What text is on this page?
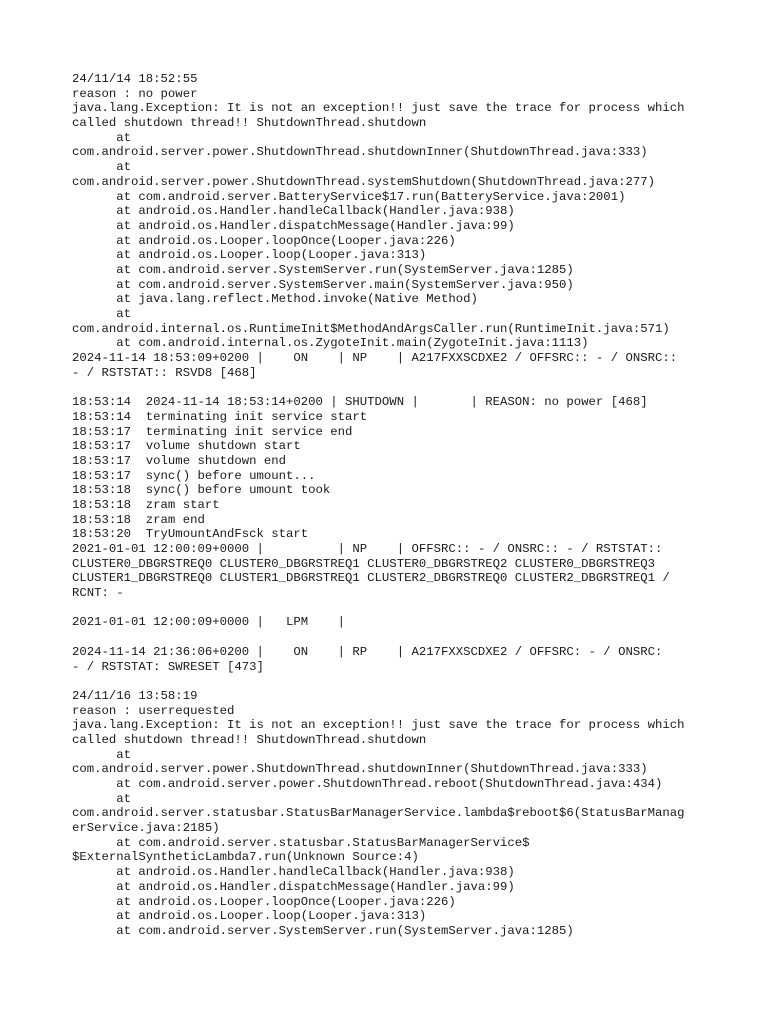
24/11/14 18:52:55
reason : no power
java.lang.Exception: It is not an exception!! just save the trace for process which
called shutdown thread!! ShutdownThread.shutdown
at
com.android.server.power.ShutdownThread.shutdownInner(ShutdownThread.java:333)
at
com.android.server.power.ShutdownThread.systemShutdown(ShutdownThread.java:277)
at com.android.server.BatteryService$17.run(BatteryService.java:2001)
at android.os.Handler.handleCallback(Handler.java:938)
at android.os.Handler.dispatchMessage(Handler.java:99)
at android.os.Looper.loopOnce(Looper.java:226)
at android.os.Looper.loop(Looper.java:313)
at com.android.server.SystemServer.run(SystemServer.java:1285)
at com.android.server.SystemServer.main(SystemServer.java:950)
at java.lang.reflect.Method.invoke(Native Method)
at
com.android.internal.os.RuntimeInit$MethodAndArgsCaller.run(RuntimeInit.java:571)
at com.android.internal.os.ZygoteInit.main(ZygoteInit.java:1113)
2024-11-14 18:53:09+0200 |    ON    | NP    | A217FXXSCDXE2 / OFFSRC:: - / ONSRC::
- / RSTSTAT:: RSVD8 [468]
18:53:14  2024-11-14 18:53:14+0200 | SHUTDOWN |       | REASON: no power [468]
18:53:14  terminating init service start
18:53:17  terminating init service end
18:53:17  volume shutdown start
18:53:17  volume shutdown end
18:53:17  sync() before umount...
18:53:18  sync() before umount took
18:53:18  zram start
18:53:18  zram end
18:53:20  TryUmountAndFsck start
2021-01-01 12:00:09+0000 |          | NP    | OFFSRC:: - / ONSRC:: - / RSTSTAT::
CLUSTER0_DBGRSTREQ0 CLUSTER0_DBGRSTREQ1 CLUSTER0_DBGRSTREQ2 CLUSTER0_DBGRSTREQ3
CLUSTER1_DBGRSTREQ0 CLUSTER1_DBGRSTREQ1 CLUSTER2_DBGRSTREQ0 CLUSTER2_DBGRSTREQ1 /
RCNT: -
2021-01-01 12:00:09+0000 |   LPM    |
2024-11-14 21:36:06+0200 |    ON    | RP    | A217FXXSCDXE2 / OFFSRC: - / ONSRC:
- / RSTSTAT: SWRESET [473]
24/11/16 13:58:19
reason : userrequested
java.lang.Exception: It is not an exception!! just save the trace for process which
called shutdown thread!! ShutdownThread.shutdown
at
com.android.server.power.ShutdownThread.shutdownInner(ShutdownThread.java:333)
at com.android.server.power.ShutdownThread.reboot(ShutdownThread.java:434)
at
com.android.server.statusbar.StatusBarManagerService.lambda$reboot$6(StatusBarManag
erService.java:2185)
at com.android.server.statusbar.StatusBarManagerService$
$ExternalSyntheticLambda7.run(Unknown Source:4)
at android.os.Handler.handleCallback(Handler.java:938)
at android.os.Handler.dispatchMessage(Handler.java:99)
at android.os.Looper.loopOnce(Looper.java:226)
at android.os.Looper.loop(Looper.java:313)
at com.android.server.SystemServer.run(SystemServer.java:1285)
